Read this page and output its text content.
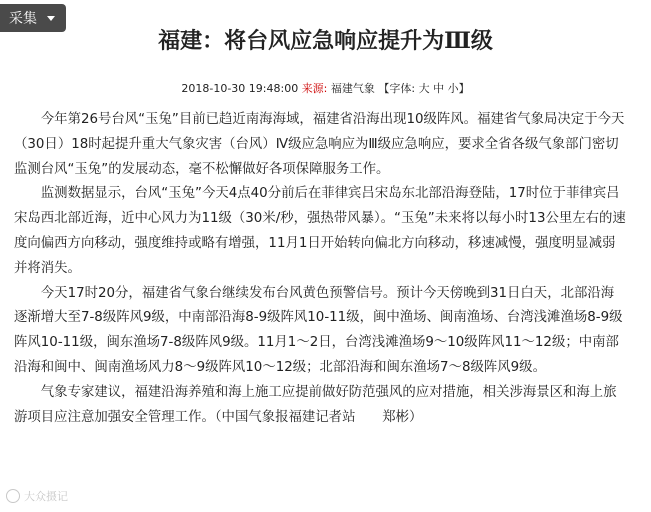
采集
福建：将台风应急响应提升为Ⅲ级
2018-10-30 19:48:00 来源: 福建气象 【字体: 大 中 小】

今年第26号台风“玉兔”目前已趋近南海海域，福建省沿海出现10级阵风。福建省气象局决定于今天（30日）18时起提升重大气象灾害（台风）Ⅳ级应急响应为Ⅲ级应急响应，要求全省各级气象部门密切监测台风“玉兔”的发展动态，毫不松懈做好各项保障服务工作。

监测数据显示，台风“玉兔”今天4点40分前后在菲律宾吕宋岛东北部沿海登陆，17时位于菲律宾吕宋岛西北部近海，近中心风力为11级（30米/秒，强热带风暴）。“玉兔”未来将以每小时13公里左右的速度向偏西方向移动，强度维持或略有增强，11月1日开始转向偏北方向移动，移速减慢，强度明显减弱并将消失。

今天17时20分，福建省气象台继续发布台风黄色预警信号。预计今天傍晚到31日白天，北部沿海逐渐增大至7-8级阵风9级，中南部沿海8-9级阵风10-11级，闽中渔场、闽南渔场、台湾浅滩渔场8-9级阵风10-11级，闽东渔场7-8级阵风9级。11月1～2日，台湾浅滩渔场9～10级阵风11～12级；中南部沿海和闽中、闽南渔场风力8～9级阵风10～12级；北部沿海和闽东渔场7～8级阵风9级。

气象专家建议，福建沿海养殖和海上施工应提前做好防范强风的应对措施，相关涉海景区和海上旅游项目应注意加强安全管理工作。（中国气象报福建记者站　　郑彬）

大众摄记
